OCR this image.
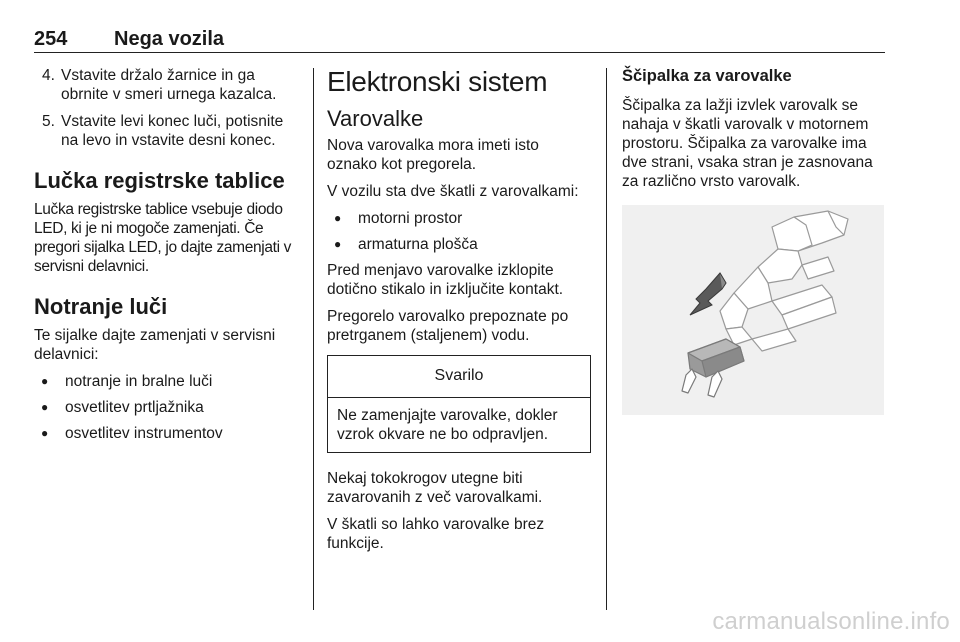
254 Nega vozila
4. Vstavite držalo žarnice in ga obrnite v smeri urnega kazalca.
5. Vstavite levi konec luči, potisnite na levo in vstavite desni konec.
Lučka registrske tablice

Lučka registrske tablice vsebuje diodo LED, ki je ni mogoče zamenjati. Če pregori sijalka LED, jo dajte zamenjati v servisni delavnici.

Notranje luči

Te sijalke dajte zamenjati v servisni delavnici:

● notranje in bralne luči
● osvetlitev prtljažnika
● osvetlitev instrumentov
Elektronski sistem
Varovalke

Nova varovalka mora imeti isto oznako kot pregorela.

V vozilu sta dve škatli z varovalkami:

● motorni prostor
● armaturna plošča

Pred menjavo varovalke izklopite dotično stikalo in izključite kontakt.

Pregorelo varovalko prepoznate po pretrganem (staljenem) vodu.

Svarilo
Ne zamenjajte varovalke, dokler vzrok okvare ne bo odpravljen.

Nekaj tokokrogov utegne biti zavarovanih z več varovalkami.

V škatli so lahko varovalke brez funkcije.

Ščipalka za varovalke

Ščipalka za lažji izvlek varovalk se nahaja v škatli varovalk v motornem prostoru. Ščipalka za varovalke ima dve strani, vsaka stran je zasnovana za različno vrsto varovalk.

carmanualsonline.info
